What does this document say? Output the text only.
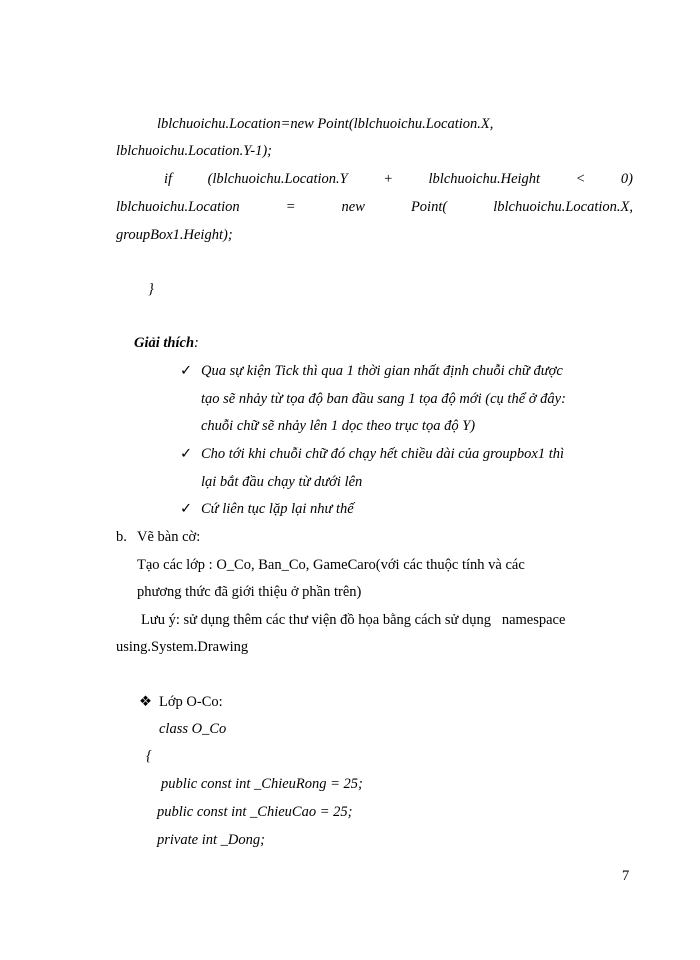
lblchuoichu.Location=new Point(lblchuoichu.Location.X,
lblchuoichu.Location.Y-1);
if (lblchuoichu.Location.Y + lblchuoichu.Height < 0)
lblchuoichu.Location	=	new	Point(	lblchuoichu.Location.X,
groupBox1.Height);
}
Giải thích:
✓ Qua sự kiện Tick thì qua 1 thời gian nhất định chuỗi chữ được
tạo sẽ nhảy từ tọa độ ban đầu sang 1 tọa độ mới (cụ thể ở đây:
chuỗi chữ sẽ nhảy lên 1 dọc theo trục tọa độ Y)
✓ Cho tới khi chuỗi chữ đó chạy hết chiều dài của groupbox1 thì
lại bắt đầu chạy từ dưới lên
✓ Cứ liên tục lặp lại như thế
b. Vẽ bàn cờ:
Tạo các lớp : O_Co, Ban_Co, GameCaro(với các thuộc tính và các
phương thức đã giới thiệu ở phần trên)
Lưu ý: sử dụng thêm các thư viện đồ họa bằng cách sử dụng   namespace
using.System.Drawing
❖ Lớp O-Co:
class O_Co
{
public const int _ChieuRong = 25;
public const int _ChieuCao = 25;
private int _Dong;
7
